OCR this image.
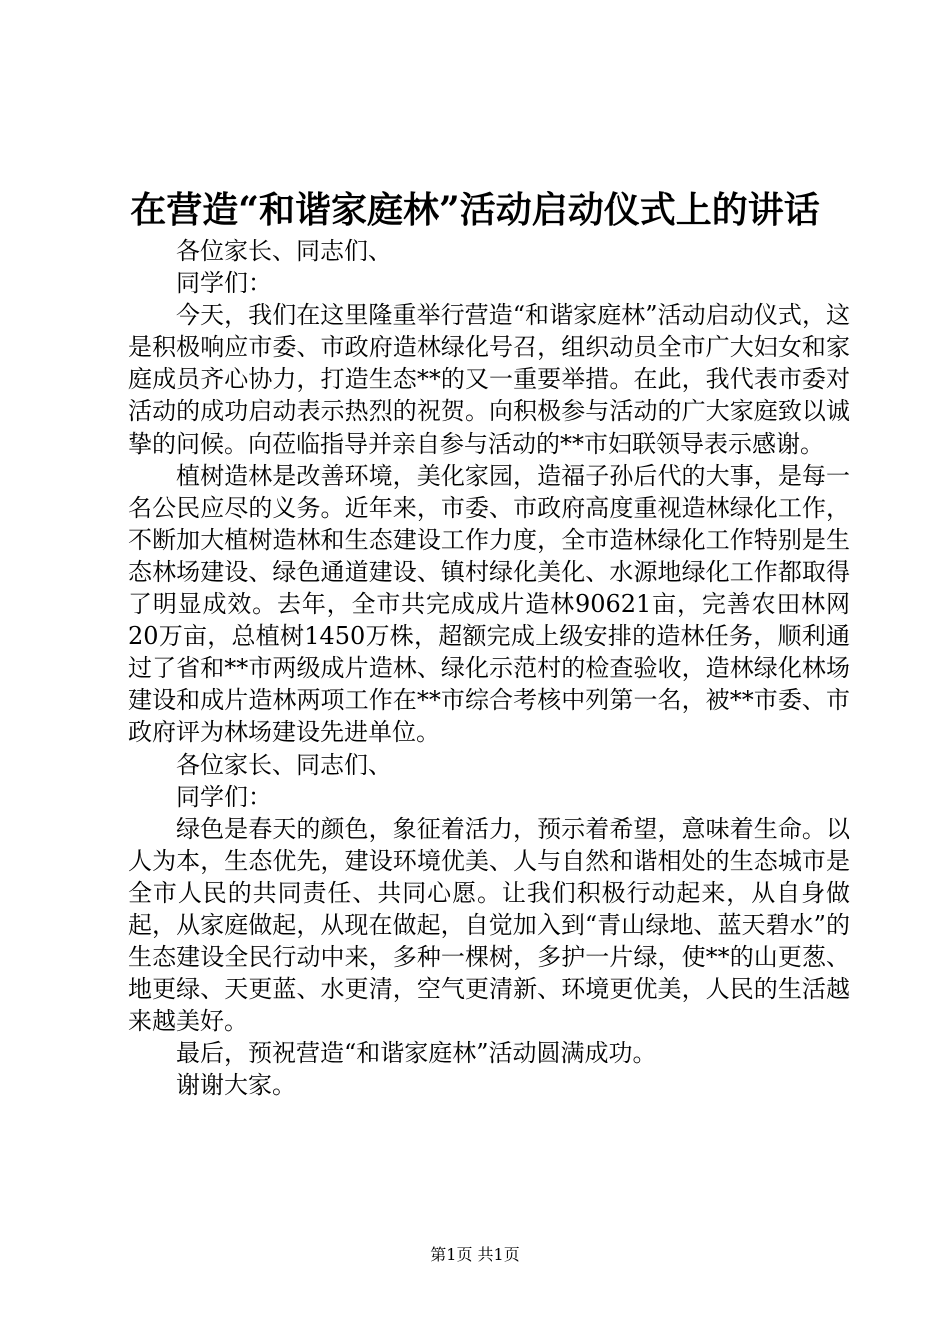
在营造“和谐家庭林”活动启动仪式上的讲话

各位家长、同志们、

同学们：

今天，我们在这里隆重举行营造“和谐家庭林”活动启动仪式，这是积极响应市委、市政府造林绿化号召，组织动员全市广大妇女和家庭成员齐心协力，打造生态**的又一重要举措。在此，我代表市委对活动的成功启动表示热烈的祝贺。向积极参与活动的广大家庭致以诚挚的问候。向莅临指导并亲自参与活动的**市妇联领导表示感谢。

植树造林是改善环境，美化家园，造福子孙后代的大事，是每一名公民应尽的义务。近年来，市委、市政府高度重视造林绿化工作，不断加大植树造林和生态建设工作力度，全市造林绿化工作特别是生态林场建设、绿色通道建设、镇村绿化美化、水源地绿化工作都取得了明显成效。去年，全市共完成成片造林90621亩，完善农田林网20万亩，总植树1450万株，超额完成上级安排的造林任务，顺利通过了省和**市两级成片造林、绿化示范村的检查验收，造林绿化林场建设和成片造林两项工作在**市综合考核中列第一名，被**市委、市政府评为林场建设先进单位。

各位家长、同志们、

同学们：

绿色是春天的颜色，象征着活力，预示着希望，意味着生命。以人为本，生态优先，建设环境优美、人与自然和谐相处的生态城市是全市人民的共同责任、共同心愿。让我们积极行动起来，从自身做起，从家庭做起，从现在做起，自觉加入到“青山绿地、蓝天碧水”的生态建设全民行动中来，多种一棵树，多护一片绿，使**的山更葱、地更绿、天更蓝、水更清，空气更清新、环境更优美，人民的生活越来越美好。

最后，预祝营造“和谐家庭林”活动圆满成功。

谢谢大家。

第1页 共1页
